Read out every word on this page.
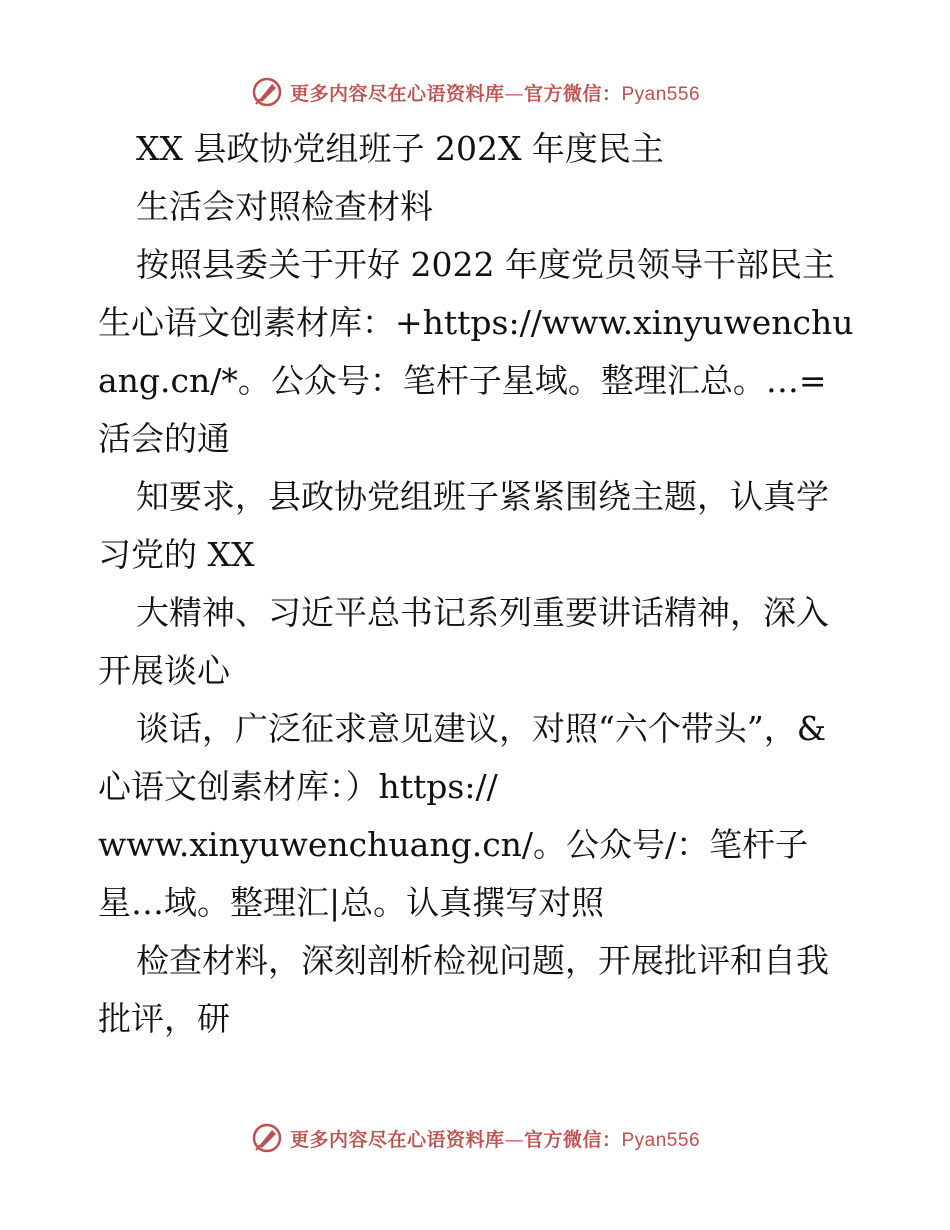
更多内容尽在心语资料库—官方微信：Pyan556
XX 县政协党组班子 202X 年度民主
生活会对照检查材料
按照县委关于开好 2022 年度党员领导干部民主生心语文创素材库：+https://www.xinyuwenchuang.cn/*。公众号：笔杆子星域。整理汇总。…=活会的通
知要求，县政协党组班子紧紧围绕主题，认真学习党的 XX
大精神、习近平总书记系列重要讲话精神，深入开展谈心
谈话，广泛征求意见建议，对照“六个带头”，&心语文创素材库：）https://
www.xinyuwenchuang.cn/。公众号/：笔杆子星…域。整理汇|总。认真撰写对照
检查材料，深刻剖析检视问题，开展批评和自我批评，研
更多内容尽在心语资料库—官方微信：Pyan556
